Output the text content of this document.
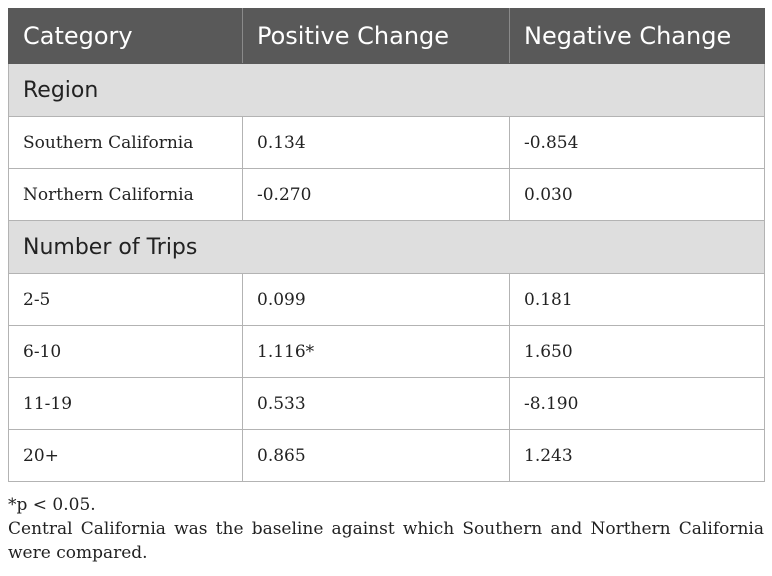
Category	Positive Change	Negative Change
Region		
Southern California	0.134	-0.854
Northern California	-0.270	0.030
Number of Trips		
2-5	0.099	0.181
6-10	1.116*	1.650
11-19	0.533	-8.190
20+	0.865	1.243

*p < 0.05.

Central California was the baseline against which Southern and Northern California were compared.
